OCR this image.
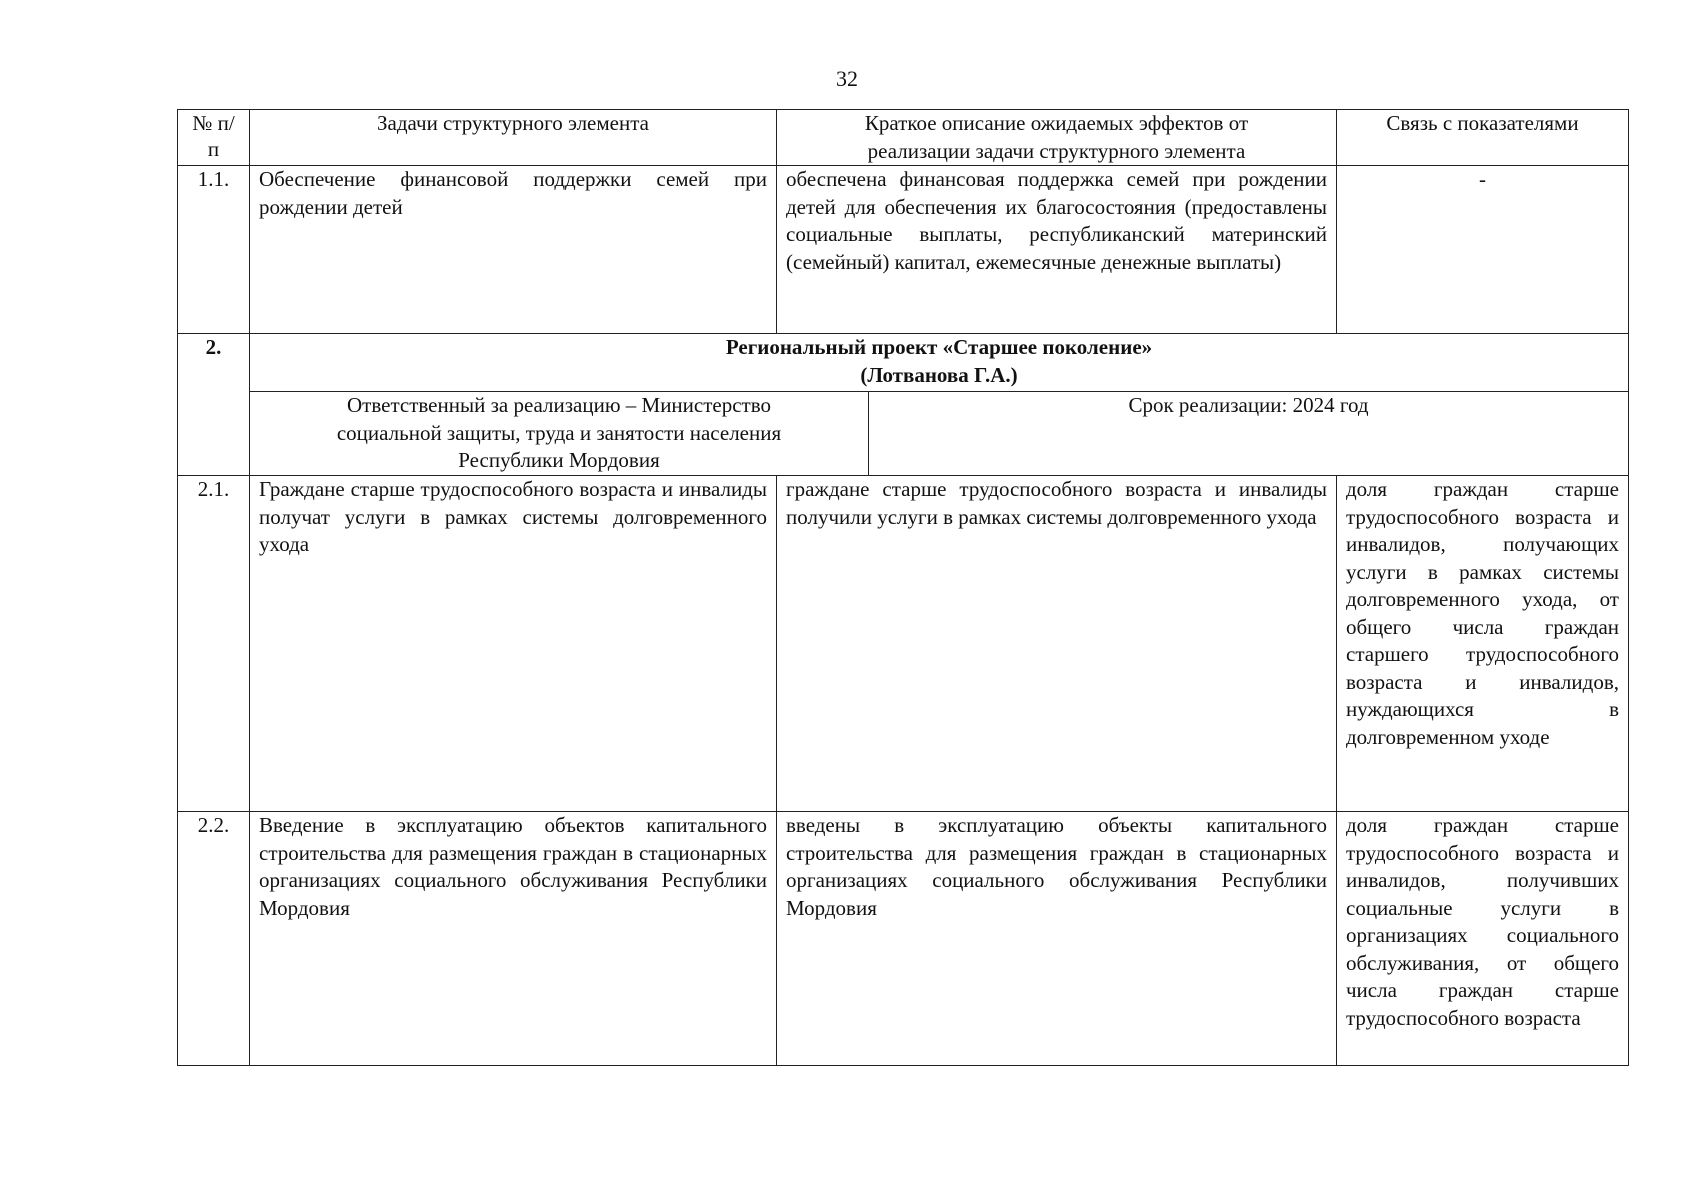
32
№ п/п	Задачи структурного элемента	Краткое описание ожидаемых эффектов от реализации задачи структурного элемента		Связь с показателями
1.1.	Обеспечение финансовой поддержки семей при рождении детей	обеспечена финансовая поддержка семей при рождении детей для обеспечения их благосостояния (предоставлены социальные выплаты, республиканский материнский (семейный) капитал, ежемесячные денежные выплаты)		-
2.	Региональный проект «Старшее поколение»
(Лотванова Г.А.)			

	Ответственный за реализацию – Министерство социальной защиты, труда и занятости населения Республики Мордовия		Срок реализации: 2024 год	
2.1.	Граждане старше трудоспособного возраста и инвалиды получат услуги в рамках системы долговременного ухода	граждане старше трудоспособного возраста и инвалиды получили услуги в рамках системы долговременного ухода		доля граждан старше трудоспособного возраста и инвалидов, получающих услуги в рамках системы долговременного ухода, от общего числа граждан старшего трудоспособного возраста и инвалидов, нуждающихся в долговременном уходе
2.2.	Введение в эксплуатацию объектов капитального строительства для размещения граждан в стационарных организациях социального обслуживания Республики Мордовия	введены в эксплуатацию объекты капитального строительства для размещения граждан в стационарных организациях социального обслуживания Республики Мордовия		доля граждан старше трудоспособного возраста и инвалидов, получивших социальные услуги в организациях социального обслуживания, от общего числа граждан старше трудоспособного возраста
